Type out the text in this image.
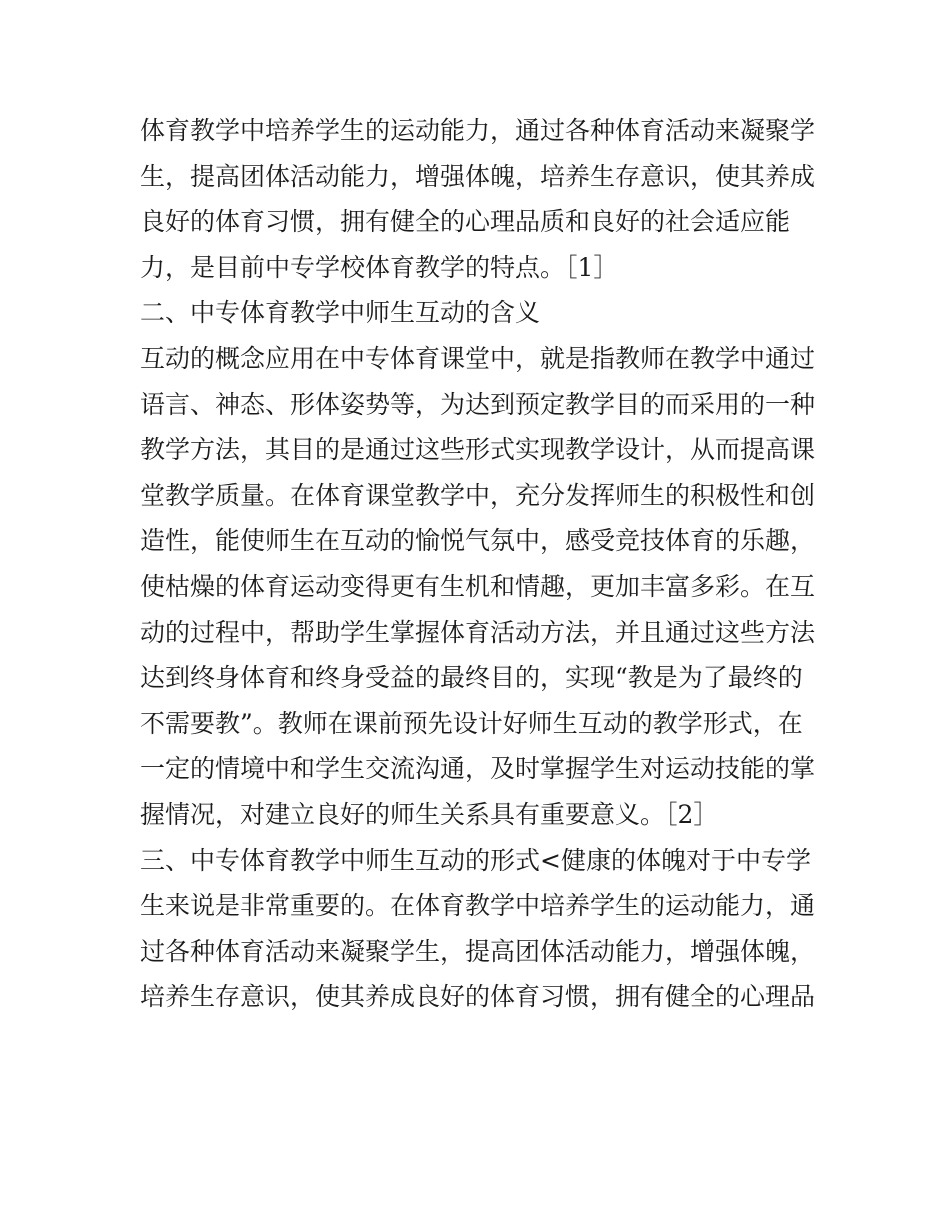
体育教学中培养学生的运动能力，通过各种体育活动来凝聚学
生，提高团体活动能力，增强体魄，培养生存意识，使其养成
良好的体育习惯，拥有健全的心理品质和良好的社会适应能
力，是目前中专学校体育教学的特点。［1］
二、中专体育教学中师生互动的含义
互动的概念应用在中专体育课堂中，就是指教师在教学中通过
语言、神态、形体姿势等，为达到预定教学目的而采用的一种
教学方法，其目的是通过这些形式实现教学设计，从而提高课
堂教学质量。在体育课堂教学中，充分发挥师生的积极性和创
造性，能使师生在互动的愉悦气氛中，感受竞技体育的乐趣，
使枯燥的体育运动变得更有生机和情趣，更加丰富多彩。在互
动的过程中，帮助学生掌握体育活动方法，并且通过这些方法
达到终身体育和终身受益的最终目的，实现“教是为了最终的
不需要教”。教师在课前预先设计好师生互动的教学形式，在
一定的情境中和学生交流沟通，及时掌握学生对运动技能的掌
握情况，对建立良好的师生关系具有重要意义。［2］
三、中专体育教学中师生互动的形式<健康的体魄对于中专学
生来说是非常重要的。在体育教学中培养学生的运动能力，通
过各种体育活动来凝聚学生，提高团体活动能力，增强体魄，
培养生存意识，使其养成良好的体育习惯，拥有健全的心理品
